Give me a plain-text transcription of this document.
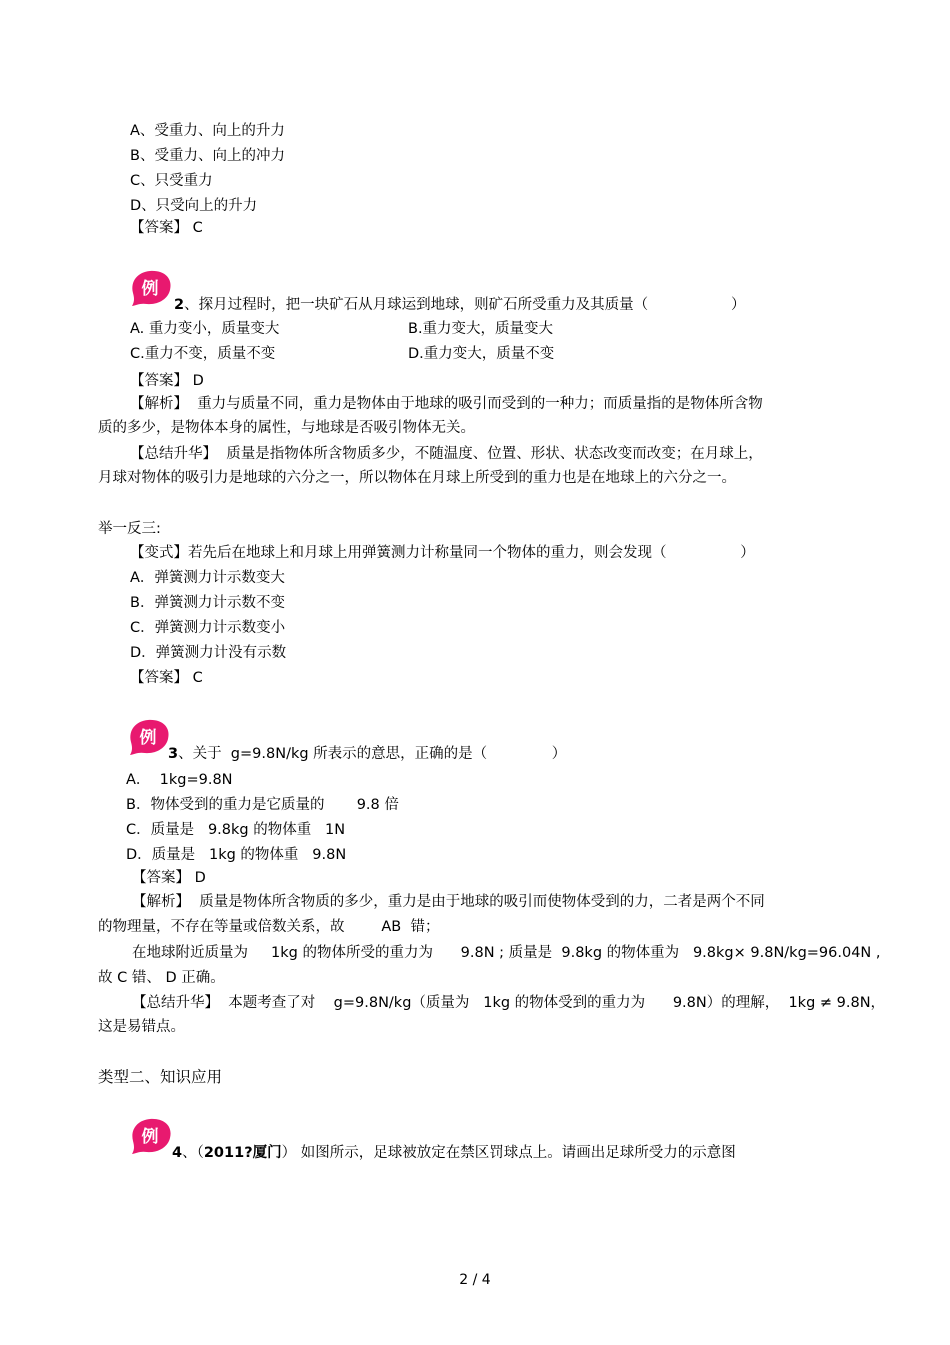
A、受重力、向上的升力
B、受重力、向上的冲力
C、只受重力
D、只受向上的升力
【答案】 C
例
2、探月过程时，把一块矿石从月球运到地球，则矿石所受重力及其质量（                  ）
A. 重力变小，质量变大	B.重力变大，质量变大
C.重力不变，质量不变	D.重力变大，质量不变
【答案】 D
【解析】  重力与质量不同，重力是物体由于地球的吸引而受到的一种力；而质量指的是物体所含物
质的多少，是物体本身的属性，与地球是否吸引物体无关。
【总结升华】  质量是指物体所含物质多少，不随温度、位置、形状、状态改变而改变；在月球上，
月球对物体的吸引力是地球的六分之一，所以物体在月球上所受到的重力也是在地球上的六分之一。
举一反三:
【变式】若先后在地球上和月球上用弹簧测力计称量同一个物体的重力，则会发现（                ）
A．弹簧测力计示数变大
B．弹簧测力计示数不变
C．弹簧测力计示数变小
D．弹簧测力计没有示数
【答案】 C
例
3、关于  g=9.8N/kg 所表示的意思，正确的是（              ）
A．  1kg=9.8N
B．物体受到的重力是它质量的       9.8 倍
C．质量是   9.8kg 的物体重   1N
D．质量是   1kg 的物体重   9.8N
【答案】 D
【解析】  质量是物体所含物质的多少，重力是由于地球的吸引而使物体受到的力，二者是两个不同
的物理量，不存在等量或倍数关系，故        AB  错；
在地球附近质量为     1kg 的物体所受的重力为      9.8N ; 质量是  9.8kg 的物体重为   9.8kg× 9.8N/kg=96.04N ,
故 C 错、 D 正确。
【总结升华】  本题考查了对    g=9.8N/kg（质量为   1kg 的物体受到的重力为      9.8N）的理解，  1kg ≠ 9.8N，
这是易错点。
类型二、知识应用
例
4、（2011?厦门） 如图所示，足球被放定在禁区罚球点上。请画出足球所受力的示意图
2 / 4
